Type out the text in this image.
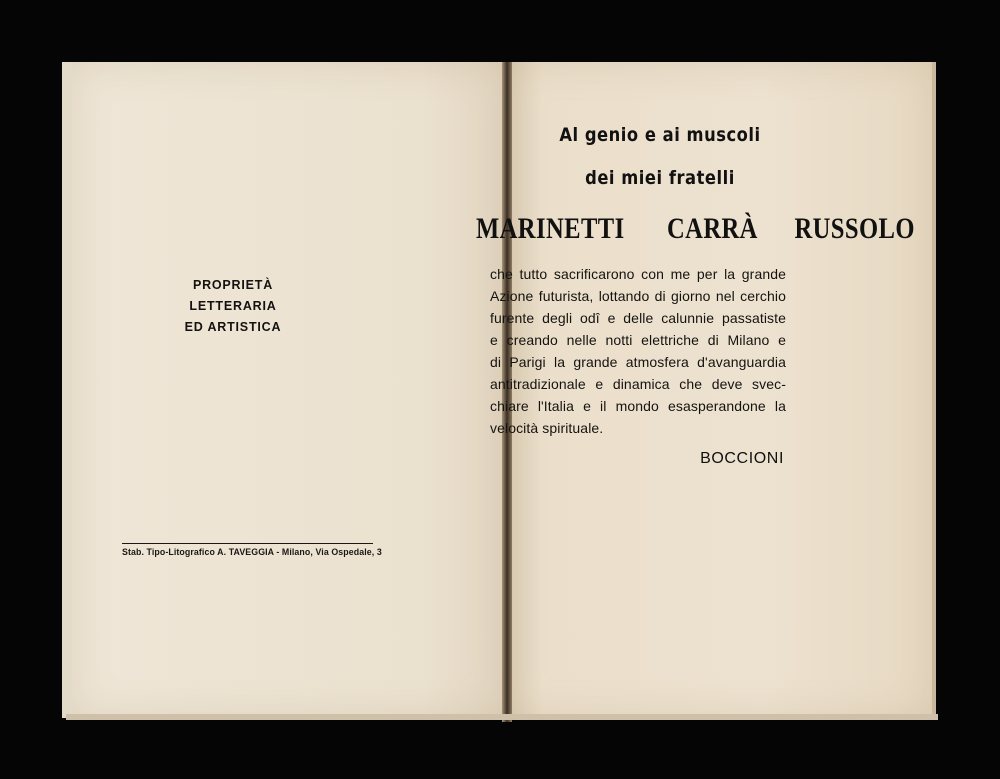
PROPRIETÀ LETTERARIA
ED ARTISTICA
Stab. Tipo-Litografico A. TAVEGGIA - Milano, Via Ospedale, 3
Al genio e ai muscoli
dei miei fratelli
MARINETTI CARRÀ RUSSOLO
che tutto sacrificarono con me per la grande
Azione futurista, lottando di giorno nel cerchio
furente degli odî e delle calunnie passatiste
e creando nelle notti elettriche di Milano e
di Parigi la grande atmosfera d'avanguardia
antitradizionale e dinamica che deve svec-
chiare l'Italia e il mondo esasperandone la
velocità spirituale.
BOCCIONI
